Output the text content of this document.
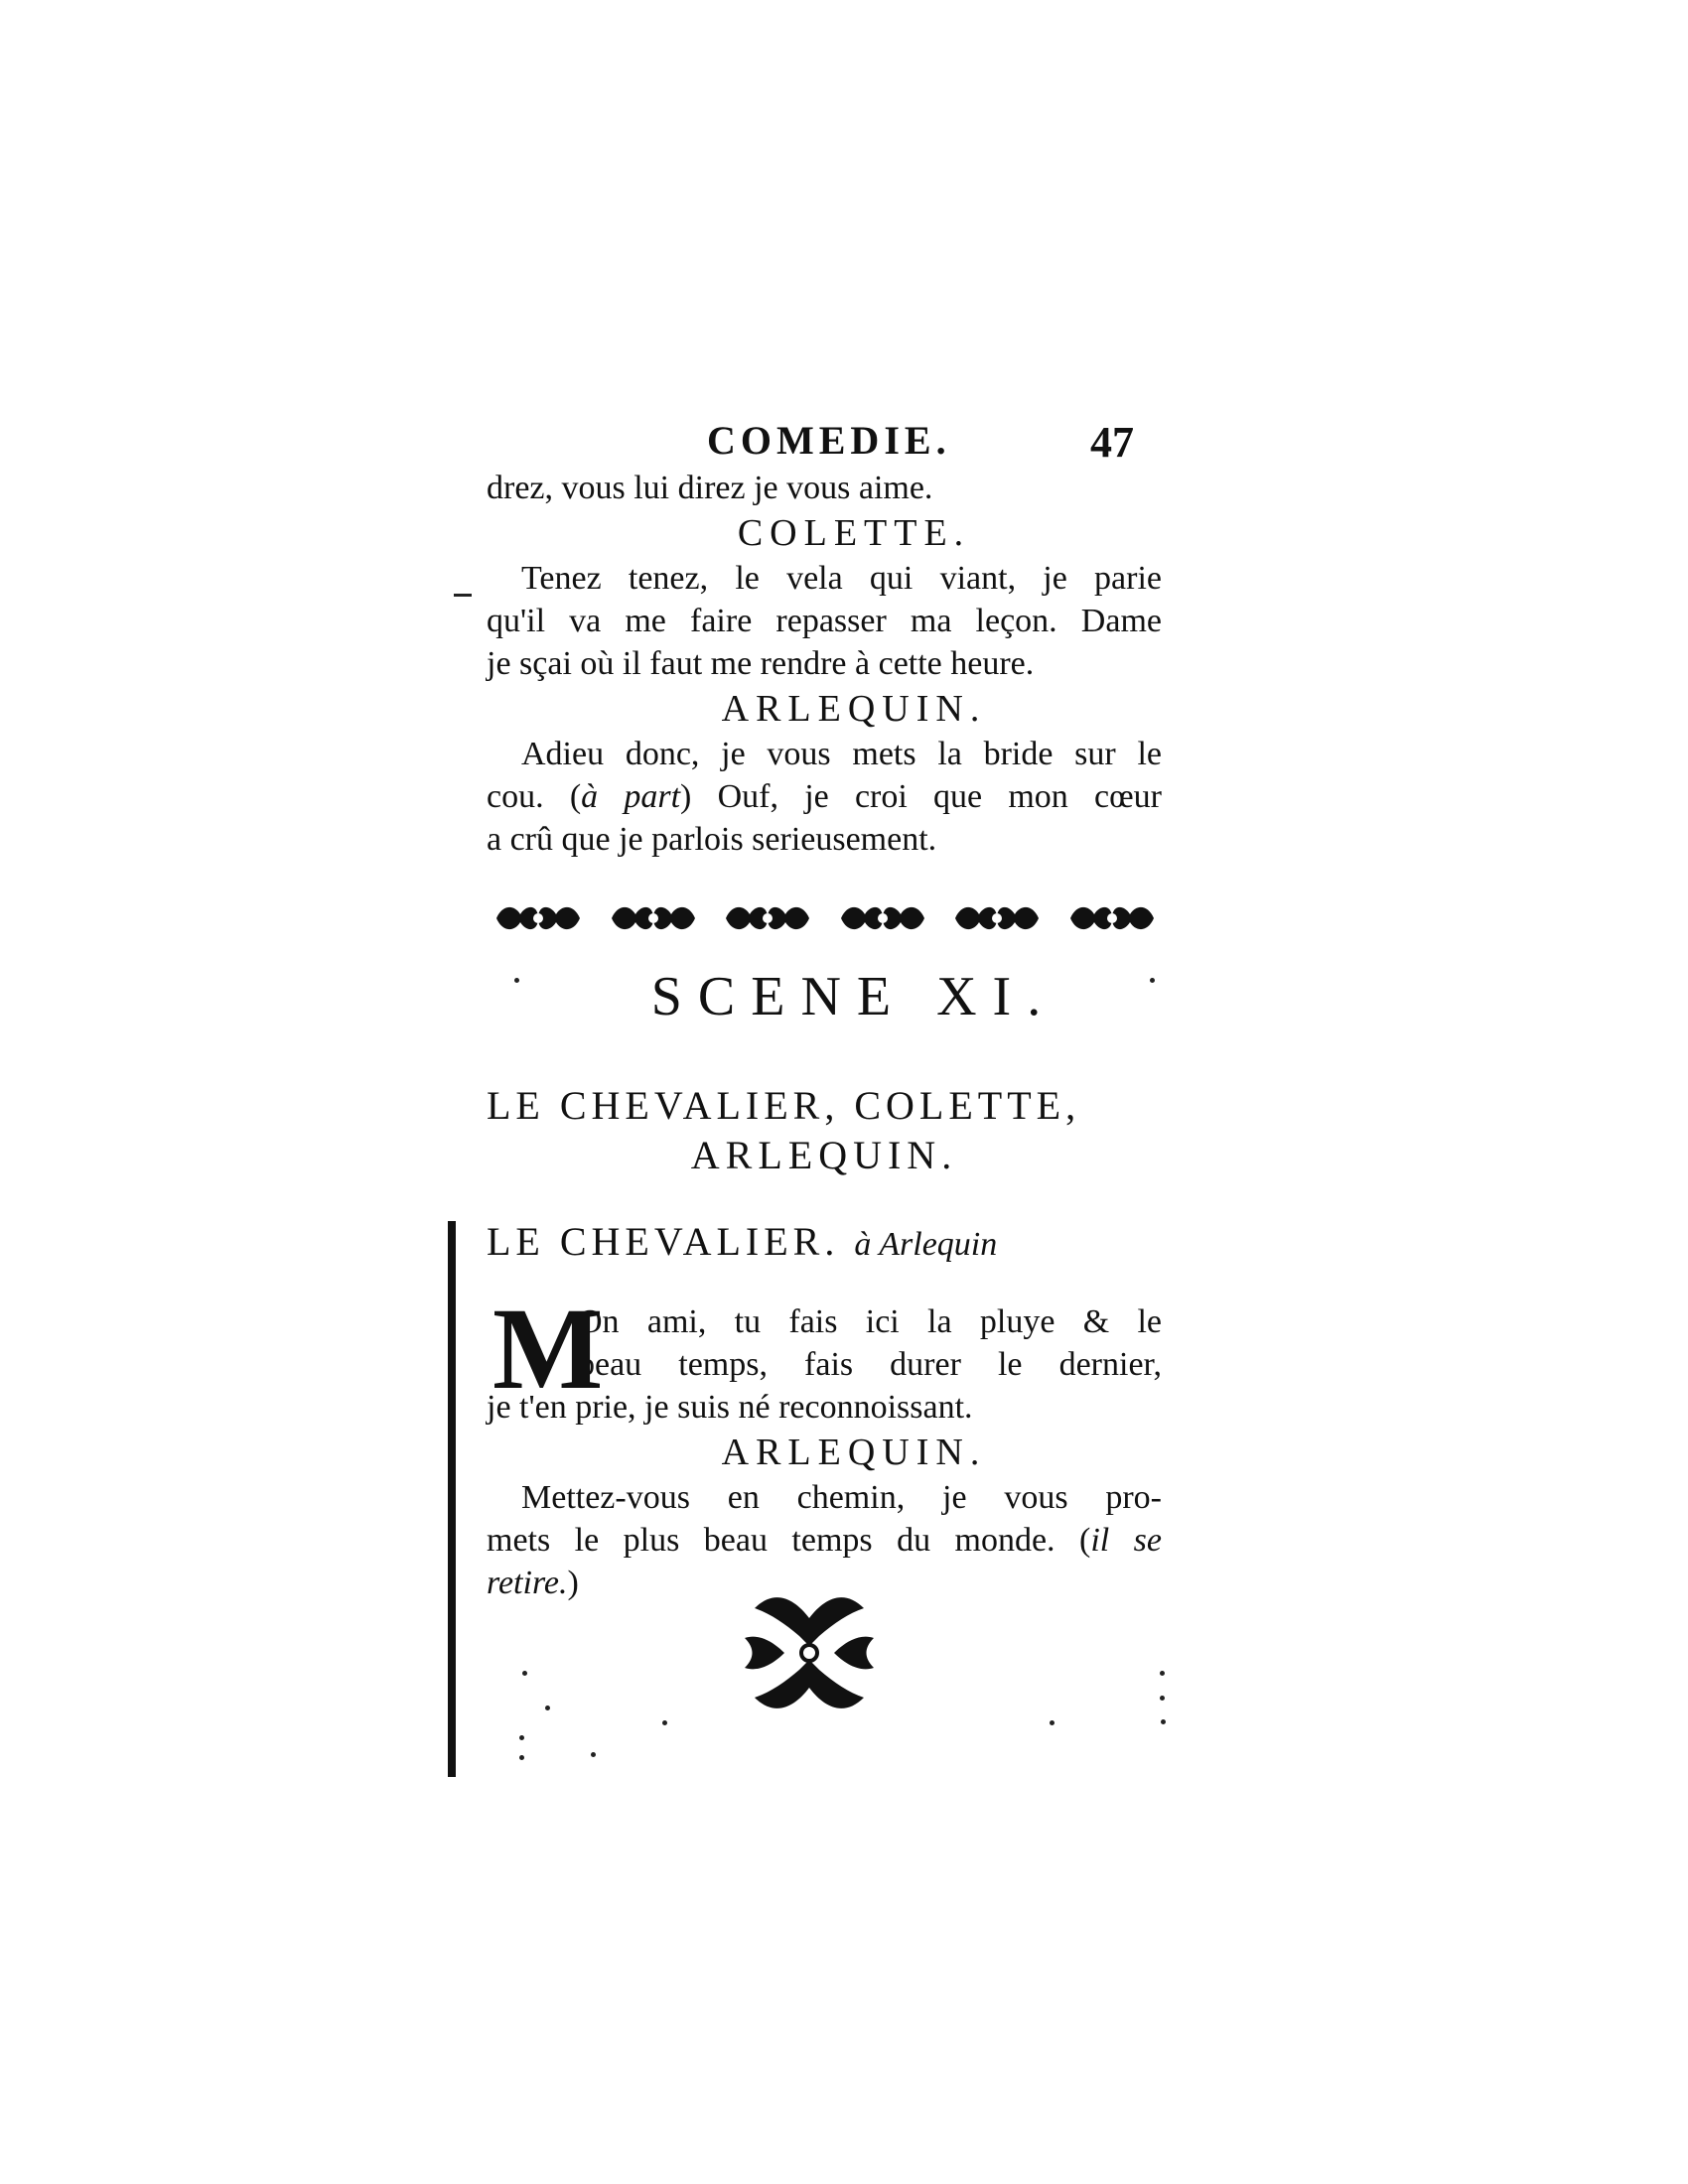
COMEDIE.	47
drez, vous lui direz je vous aime.
COLETTE.
Tenez tenez, le vela qui viant, je parie
qu'il va me faire repasser ma leçon. Dame
je sçai où il faut me rendre à cette heure.
ARLEQUIN.
Adieu donc, je vous mets la bride sur le
cou. (à part) Ouf, je croi que mon cœur
a crû que je parlois serieusement.
SCENE XI.
LE CHEVALIER, COLETTE,
ARLEQUIN.
LE CHEVALIER. à Arlequin
M
On ami, tu fais ici la pluye & le
beau temps, fais durer le dernier,
je t'en prie, je suis né reconnoissant.
ARLEQUIN.
Mettez-vous en chemin, je vous pro-
mets le plus beau temps du monde. (il se
retire.)
